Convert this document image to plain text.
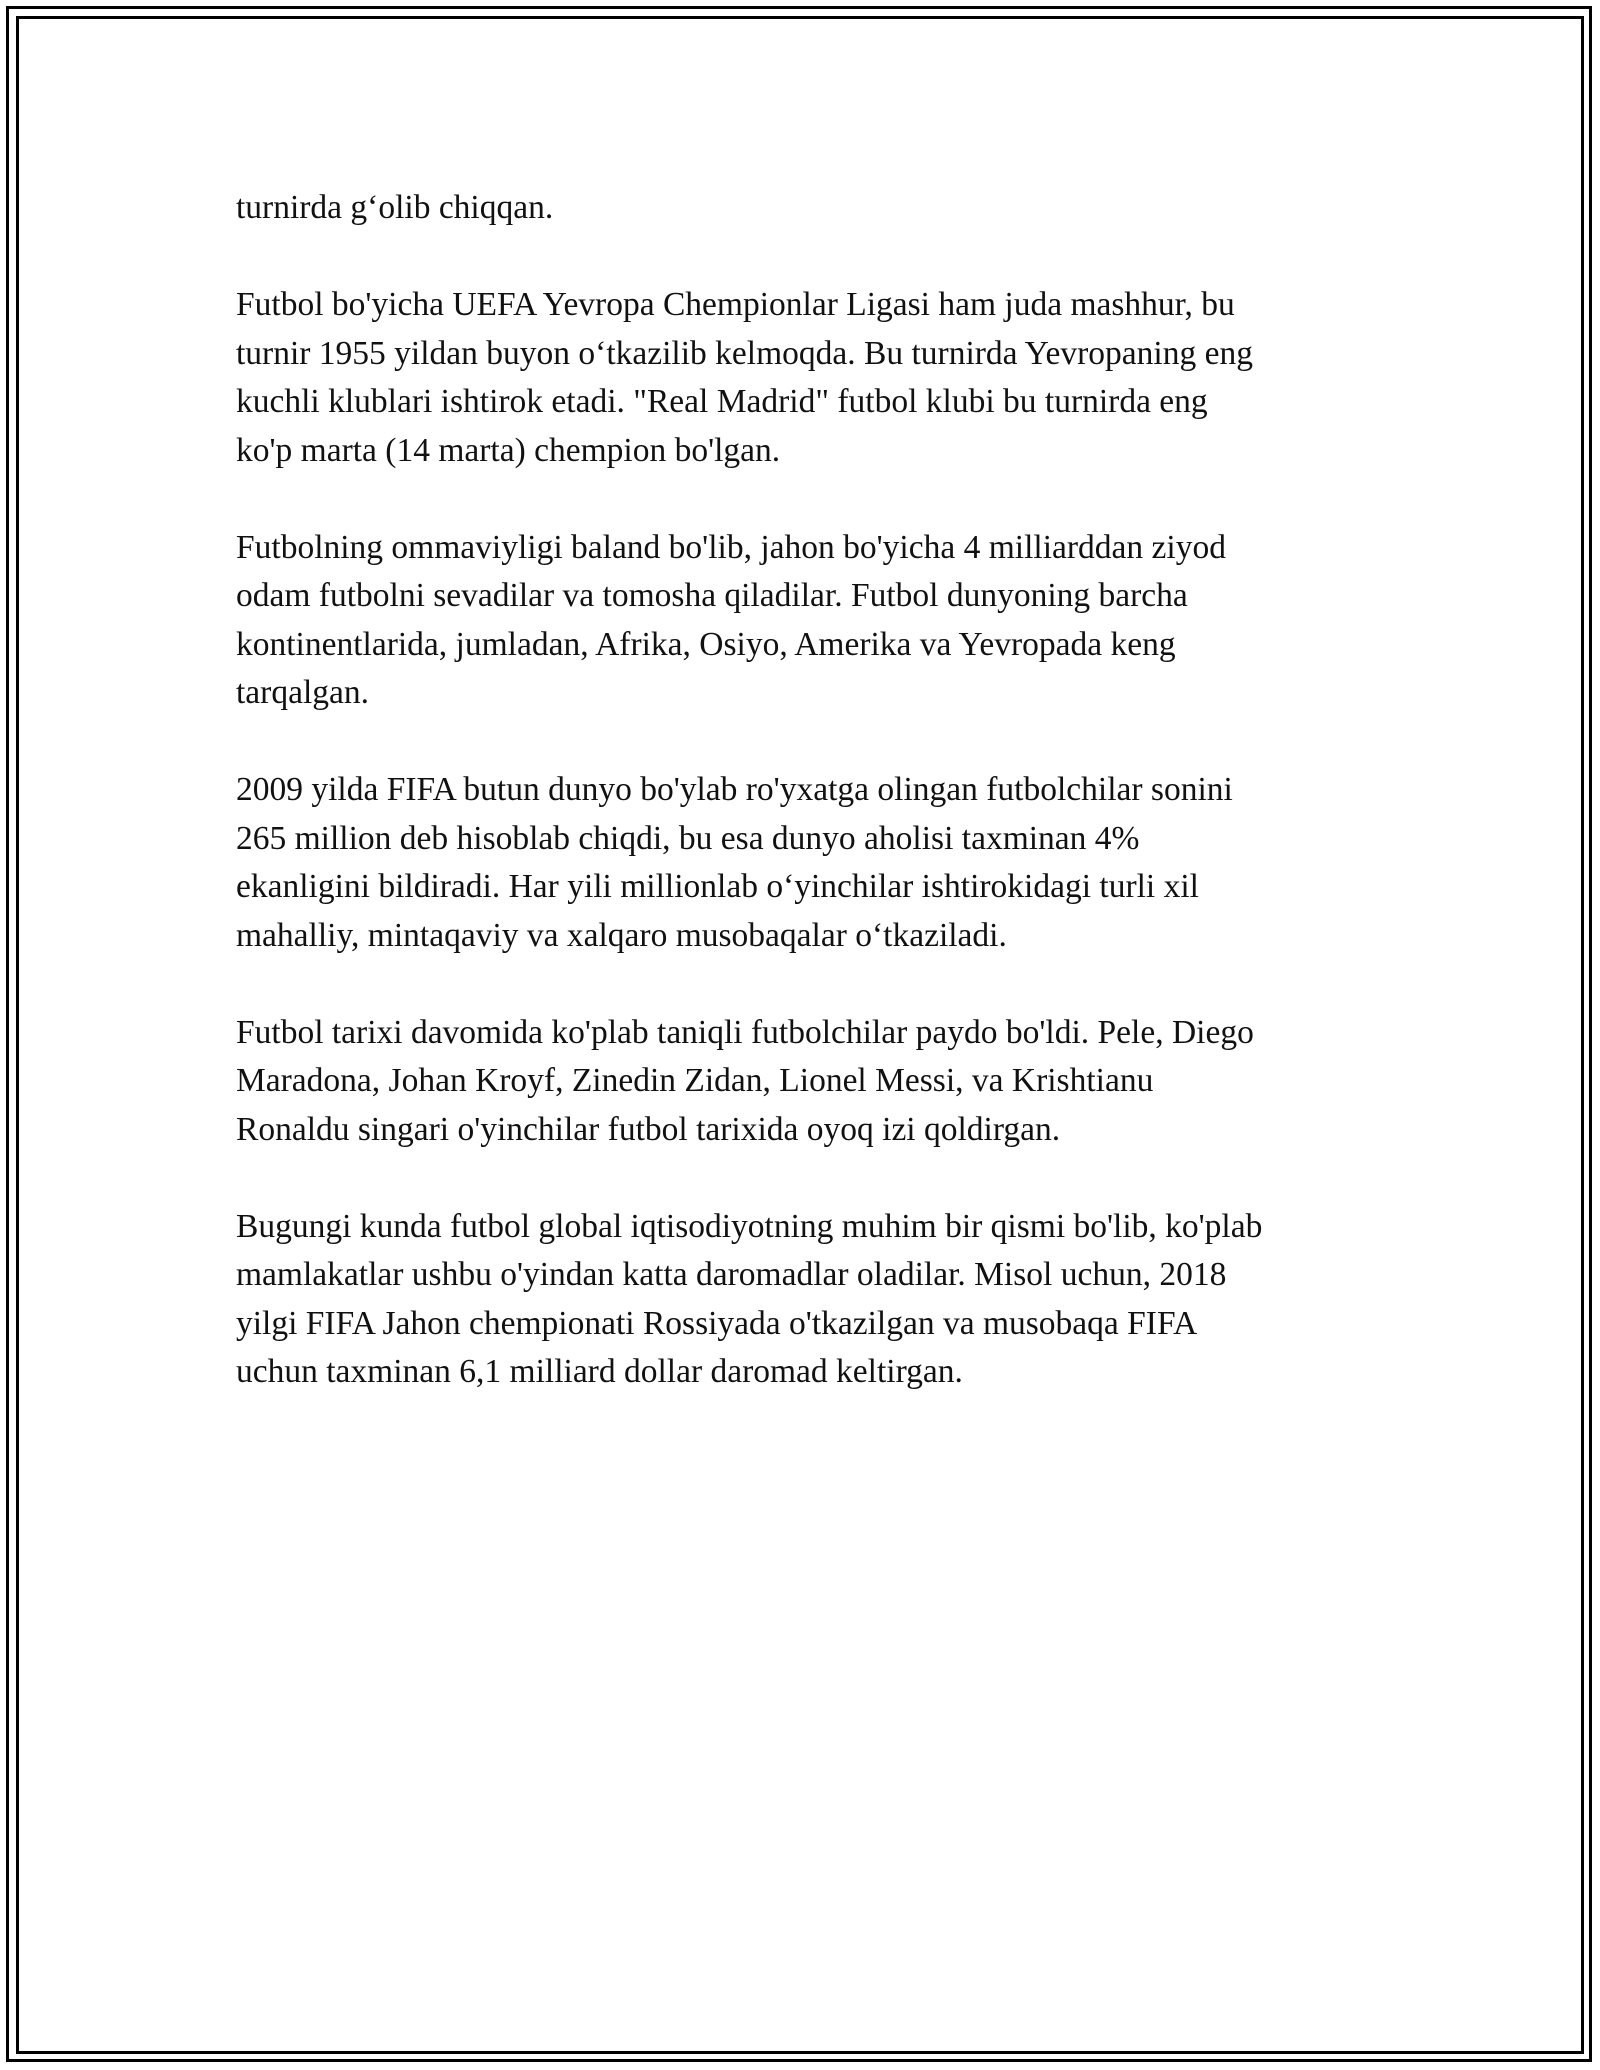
turnirda g‘olib chiqqan.

Futbol bo'yicha UEFA Yevropa Chempionlar Ligasi ham juda mashhur, bu
turnir 1955 yildan buyon o‘tkazilib kelmoqda. Bu turnirda Yevropaning eng
kuchli klublari ishtirok etadi. "Real Madrid" futbol klubi bu turnirda eng
ko'p marta (14 marta) chempion bo'lgan.

Futbolning ommaviyligi baland bo'lib, jahon bo'yicha 4 milliarddan ziyod
odam futbolni sevadilar va tomosha qiladilar. Futbol dunyoning barcha
kontinentlarida, jumladan, Afrika, Osiyo, Amerika va Yevropada keng
tarqalgan.

2009 yilda FIFA butun dunyo bo'ylab ro'yxatga olingan futbolchilar sonini
265 million deb hisoblab chiqdi, bu esa dunyo aholisi taxminan 4%
ekanligini bildiradi. Har yili millionlab o‘yinchilar ishtirokidagi turli xil
mahalliy, mintaqaviy va xalqaro musobaqalar o‘tkaziladi.

Futbol tarixi davomida ko'plab taniqli futbolchilar paydo bo'ldi. Pele, Diego
Maradona, Johan Kroyf, Zinedin Zidan, Lionel Messi, va Krishtianu
Ronaldu singari o'yinchilar futbol tarixida oyoq izi qoldirgan.

Bugungi kunda futbol global iqtisodiyotning muhim bir qismi bo'lib, ko'plab
mamlakatlar ushbu o'yindan katta daromadlar oladilar. Misol uchun, 2018
yilgi FIFA Jahon chempionati Rossiyada o'tkazilgan va musobaqa FIFA
uchun taxminan 6,1 milliard dollar daromad keltirgan.
